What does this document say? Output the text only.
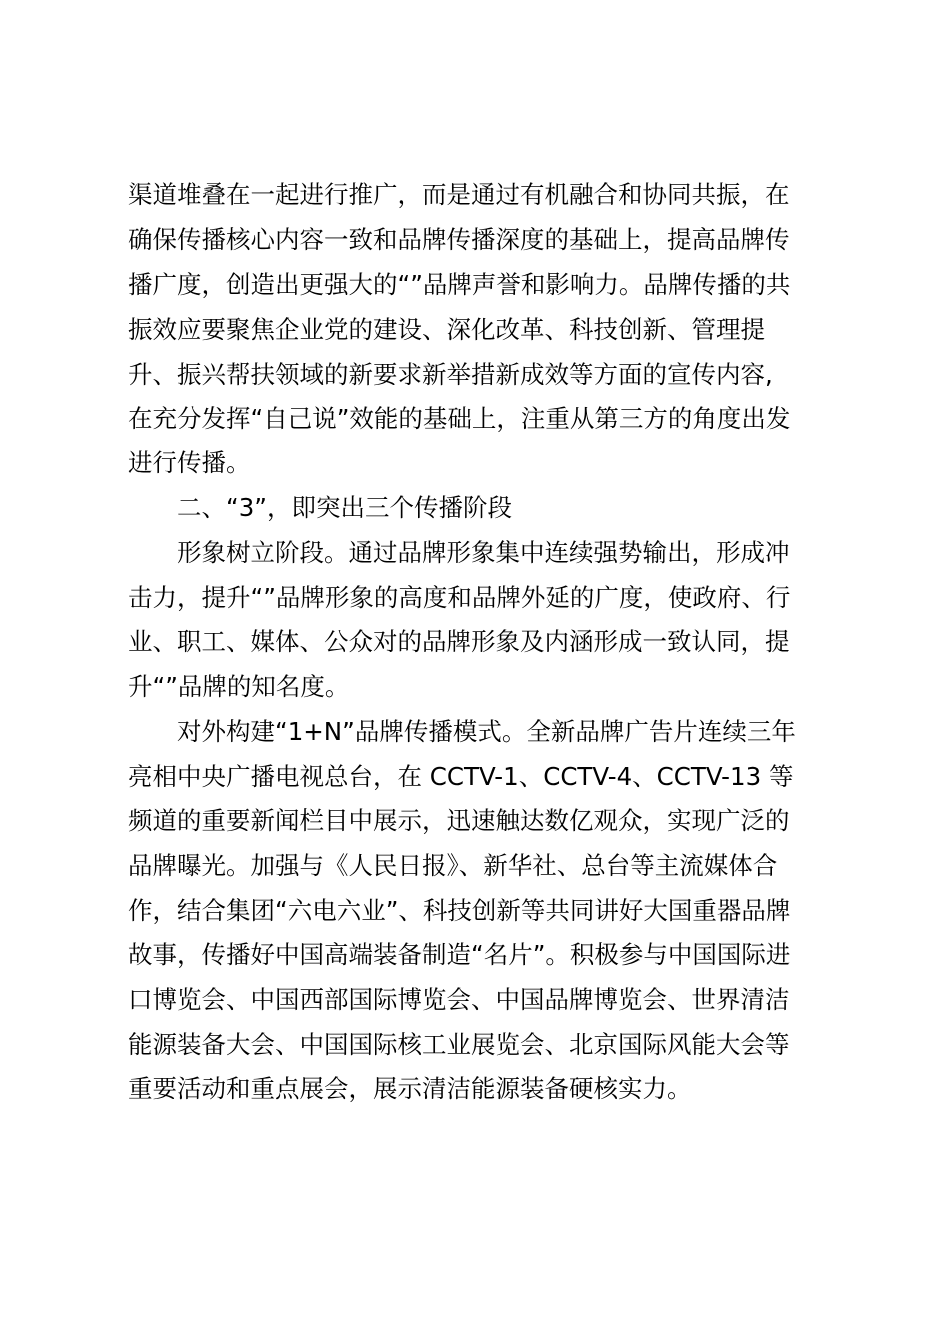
渠道堆叠在一起进行推广，而是通过有机融合和协同共振，在
确保传播核心内容一致和品牌传播深度的基础上，提高品牌传
播广度，创造出更强大的“”品牌声誉和影响力。品牌传播的共
振效应要聚焦企业党的建设、深化改革、科技创新、管理提
升、振兴帮扶领域的新要求新举措新成效等方面的宣传内容,
在充分发挥“自己说”效能的基础上，注重从第三方的角度出发
进行传播。
二、“3”，即突出三个传播阶段
形象树立阶段。通过品牌形象集中连续强势输出，形成冲
击力，提升“”品牌形象的高度和品牌外延的广度，使政府、行
业、职工、媒体、公众对的品牌形象及内涵形成一致认同，提
升“”品牌的知名度。
对外构建“1+N”品牌传播模式。全新品牌广告片连续三年
亮相中央广播电视总台，在 CCTV-1、CCTV-4、CCTV-13 等
频道的重要新闻栏目中展示，迅速触达数亿观众，实现广泛的
品牌曝光。加强与《人民日报》、新华社、总台等主流媒体合
作，结合集团“六电六业”、科技创新等共同讲好大国重器品牌
故事，传播好中国高端装备制造“名片”。积极参与中国国际进
口博览会、中国西部国际博览会、中国品牌博览会、世界清洁
能源装备大会、中国国际核工业展览会、北京国际风能大会等
重要活动和重点展会，展示清洁能源装备硬核实力。
